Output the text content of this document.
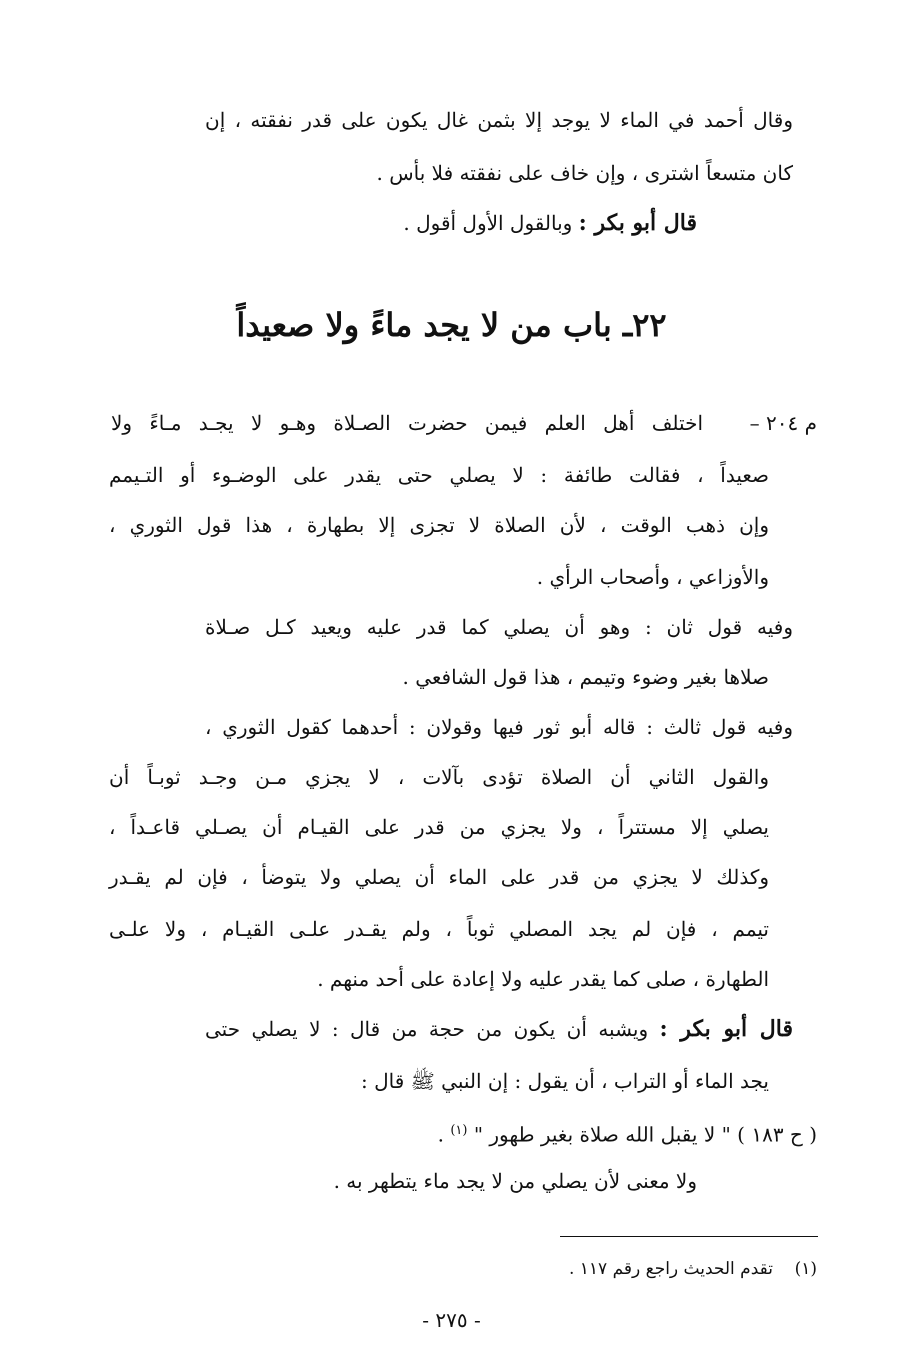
وقال أحمد في الماء لا يوجد إلا بثمن غال يكون على قدر نفقته ، إن
كان متسعاً اشترى ، وإن خاف على نفقته فلا بأس .
قال أبو بكر : وبالقول الأول أقول .
٢٢ـ باب من لا يجد ماءً ولا صعيداً
م ٢٠٤ –
اختلف أهل العلم فيمن حضرت الصـلاة وهـو لا يجـد مـاءً ولا
صعيداً ، فقالت طائفة : لا يصلي حتى يقدر على الوضـوء أو التـيمم
وإن ذهب الوقت ، لأن الصلاة لا تجزى إلا بطهارة ، هذا قول الثوري ،
والأوزاعي ، وأصحاب الرأي .
وفيه قول ثان : وهو أن يصلي كما قدر عليه ويعيد كـل صـلاة
صلاها بغير وضوء وتيمم ، هذا قول الشافعي .
وفيه قول ثالث : قاله أبو ثور فيها وقولان : أحدهما كقول الثوري ،
والقول الثاني أن الصلاة تؤدى بآلات ، لا يجزي مـن وجـد ثوبـاً أن
يصلي إلا مستتراً ، ولا يجزي من قدر على القيـام أن يصـلي قاعـداً ،
وكذلك لا يجزي من قدر على الماء أن يصلي ولا يتوضأ ، فإن لم يقـدر
تيمم ، فإن لم يجد المصلي ثوباً ، ولم يقـدر علـى القيـام ، ولا علـى
الطهارة ، صلى كما يقدر عليه ولا إعادة على أحد منهم .
قال أبو بكر : ويشبه أن يكون من حجة من قال : لا يصلي حتى
يجد الماء أو التراب ، أن يقول : إن النبي ﷺ قال :
( ح ١٨٣ ) " لا يقبل الله صلاة بغير طهور " $^{(١)}$ .
ولا معنى لأن يصلي من لا يجد ماء يتطهر به .
(١)    تقدم الحديث راجع رقم ١١٧ .
- ٢٧٥ -
